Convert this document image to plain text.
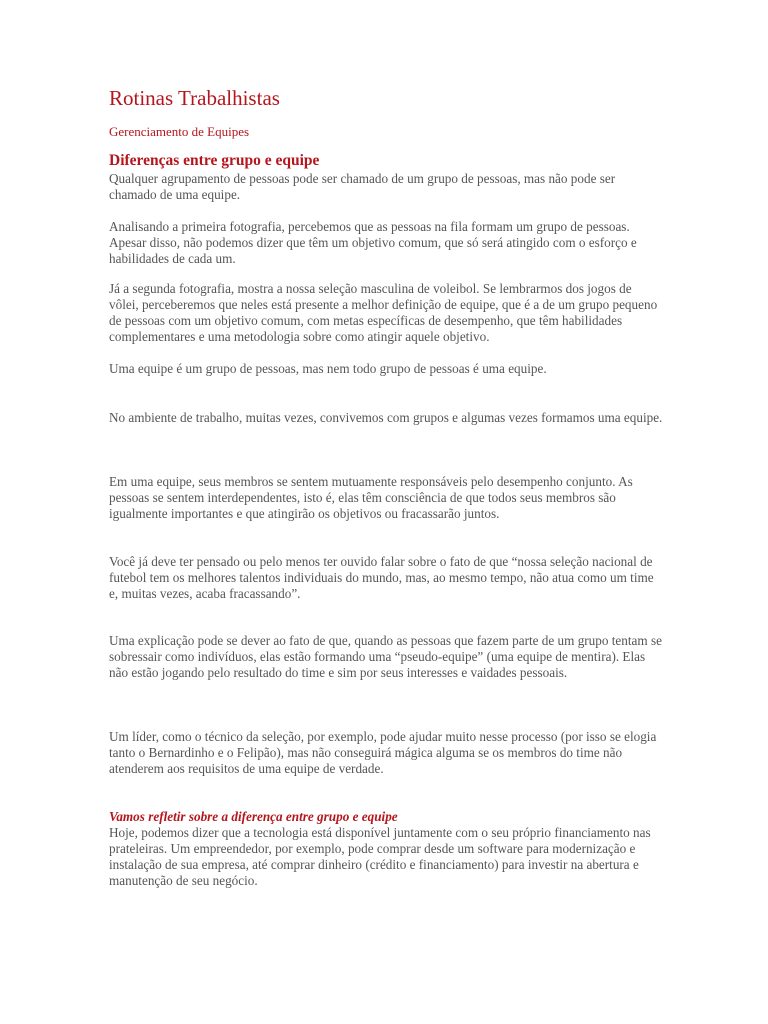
Rotinas Trabalhistas
Gerenciamento de Equipes
Diferenças entre grupo e equipe

Qualquer agrupamento de pessoas pode ser chamado de um grupo de pessoas, mas não pode ser chamado de uma equipe.

Analisando a primeira fotografia, percebemos que as pessoas na fila formam um grupo de pessoas. Apesar disso, não podemos dizer que têm um objetivo comum, que só será atingido com o esforço e habilidades de cada um.

Já a segunda fotografia, mostra a nossa seleção masculina de voleibol. Se lembrarmos dos jogos de vôlei, perceberemos que neles está presente a melhor definição de equipe, que é a de um grupo pequeno de pessoas com um objetivo comum, com metas específicas de desempenho, que têm habilidades complementares e uma metodologia sobre como atingir aquele objetivo.

Uma equipe é um grupo de pessoas, mas nem todo grupo de pessoas é uma equipe.

No ambiente de trabalho, muitas vezes, convivemos com grupos e algumas vezes formamos uma equipe.

Em uma equipe, seus membros se sentem mutuamente responsáveis pelo desempenho conjunto. As pessoas se sentem interdependentes, isto é, elas têm consciência de que todos seus membros são igualmente importantes e que atingirão os objetivos ou fracassarão juntos.

Você já deve ter pensado ou pelo menos ter ouvido falar sobre o fato de que “nossa seleção nacional de futebol tem os melhores talentos individuais do mundo, mas, ao mesmo tempo, não atua como um time e, muitas vezes, acaba fracassando”.

Uma explicação pode se dever ao fato de que, quando as pessoas que fazem parte de um grupo tentam se sobressair como indivíduos, elas estão formando uma “pseudo-equipe” (uma equipe de mentira). Elas não estão jogando pelo resultado do time e sim por seus interesses e vaidades pessoais.

Um líder, como o técnico da seleção, por exemplo, pode ajudar muito nesse processo (por isso se elogia tanto o Bernardinho e o Felipão), mas não conseguirá mágica alguma se os membros do time não atenderem aos requisitos de uma equipe de verdade.

Vamos refletir sobre a diferença entre grupo e equipe

Hoje, podemos dizer que a tecnologia está disponível juntamente com o seu próprio financiamento nas prateleiras. Um empreendedor, por exemplo, pode comprar desde um software para modernização e instalação de sua empresa, até comprar dinheiro (crédito e financiamento) para investir na abertura e manutenção de seu negócio.
